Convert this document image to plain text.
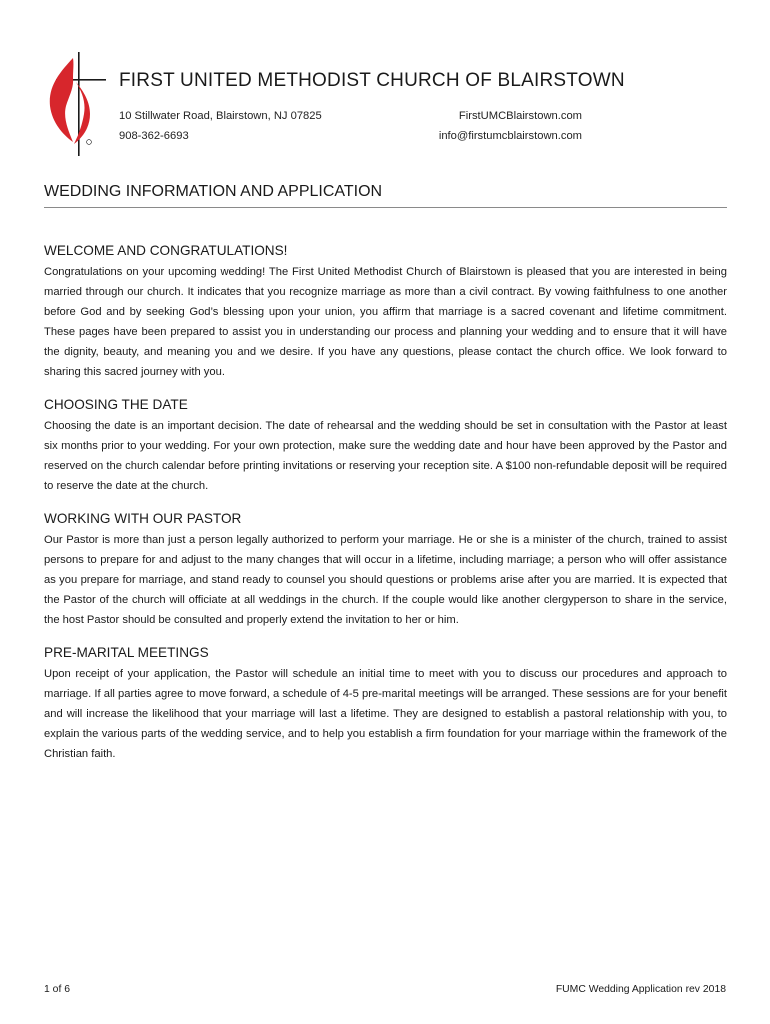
FIRST UNITED METHODIST CHURCH OF BLAIRSTOWN
10 Stillwater Road, Blairstown, NJ 07825
908-362-6693
FirstUMCBlairstown.com
info@firstumcblairstown.com
WEDDING INFORMATION AND APPLICATION
WELCOME AND CONGRATULATIONS!

Congratulations on your upcoming wedding! The First United Methodist Church of Blairstown is pleased that you are interested in being married through our church. It indicates that you recognize marriage as more than a civil contract. By vowing faithfulness to one another before God and by seeking God’s blessing upon your union, you affirm that marriage is a sacred covenant and lifetime commitment. These pages have been prepared to assist you in understanding our process and planning your wedding and to ensure that it will have the dignity, beauty, and meaning you and we desire. If you have any questions, please contact the church office. We look forward to sharing this sacred journey with you.

CHOOSING THE DATE

Choosing the date is an important decision. The date of rehearsal and the wedding should be set in consultation with the Pastor at least six months prior to your wedding. For your own protection, make sure the wedding date and hour have been approved by the Pastor and reserved on the church calendar before printing invitations or reserving your reception site. A $100 non-refundable deposit will be required to reserve the date at the church.

WORKING WITH OUR PASTOR

Our Pastor is more than just a person legally authorized to perform your marriage. He or she is a minister of the church, trained to assist persons to prepare for and adjust to the many changes that will occur in a lifetime, including marriage; a person who will offer assistance as you prepare for marriage, and stand ready to counsel you should questions or problems arise after you are married. It is expected that the Pastor of the church will officiate at all weddings in the church. If the couple would like another clergyperson to share in the service, the host Pastor should be consulted and properly extend the invitation to her or him.

PRE-MARITAL MEETINGS

Upon receipt of your application, the Pastor will schedule an initial time to meet with you to discuss our procedures and approach to marriage. If all parties agree to move forward, a schedule of 4-5 pre-marital meetings will be arranged. These sessions are for your benefit and will increase the likelihood that your marriage will last a lifetime. They are designed to establish a pastoral relationship with you, to explain the various parts of the wedding service, and to help you establish a firm foundation for your marriage within the framework of the Christian faith.

1 of 6	FUMC Wedding Application rev 2018
